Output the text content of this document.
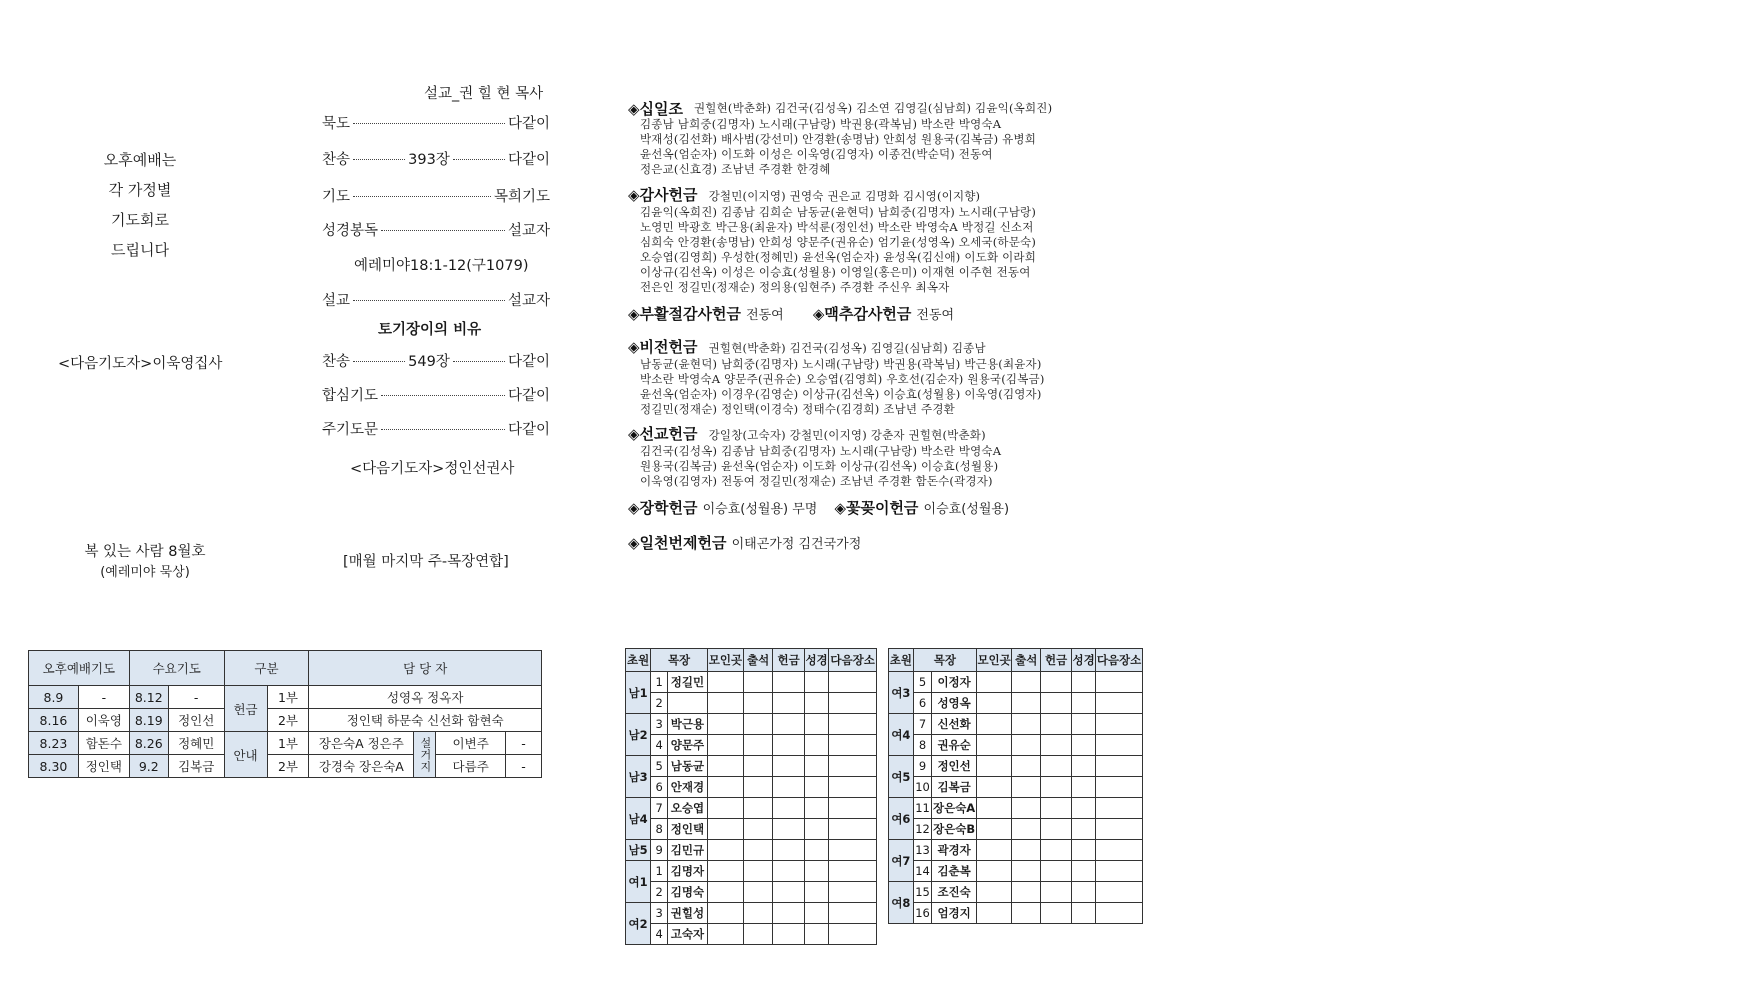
오후예배는
각 가정별
기도회로
드립니다
<다음기도자>이욱영집사
설교_권 힐 현 목사
묵도	다같이
찬송	393장	다같이
기도	목희기도
성경봉독	설교자
예레미야18:1-12(구1079)
설교	설교자
토기장이의 비유
찬송	549장	다같이
합심기도	다같이
주기도문	다같이
<다음기도자>정인선권사
복 있는 사람 8월호
(예레미야 묵상)
[매월 마지막 주-목장연합]
◈십일조 권힐현(박춘화) 김건국(김성옥) 김소연 김영길(심남희) 김윤익(옥희진)
김종남 남희중(김명자) 노시래(구남랑) 박권용(곽복님) 박소란 박영숙A
박재성(김선화) 배사범(강선미) 안경환(송명남) 안희성 원용국(김복금) 유병희
윤선옥(엄순자) 이도화 이성은 이욱영(김영자) 이종건(박순덕) 전동여
정은교(신효경) 조남년 주경환 한경혜
◈감사헌금 강철민(이지영) 권영숙 권은교 김명화 김시영(이지향)
김윤익(옥희진) 김종남 김희순 남동균(윤현덕) 남희중(김명자) 노시래(구남랑)
노영민 박광호 박근용(최윤자) 박석룬(정인선) 박소란 박영숙A 박정길 신소저
심희숙 안경환(송명남) 안희성 양문주(권유순) 엄기윤(성영옥) 오세국(하문숙)
오승엽(김영희) 우성한(정혜민) 윤선옥(엄순자) 윤성옥(김신애) 이도화 이라희
이상규(김선옥) 이성은 이승효(성월용) 이영일(홍은미) 이재현 이주현 전동여
전은인 정길민(정재순) 정의용(임현주) 주경환 주신우 최옥자
◈부활절감사헌금 전동여 ◈맥추감사헌금 전동여
◈비전헌금 권힐현(박춘화) 김건국(김성옥) 김영길(심남희) 김종남
남동균(윤현덕) 남희중(김명자) 노시래(구남랑) 박권용(곽복님) 박근용(최윤자)
박소란 박영숙A 양문주(권유순) 오승엽(김영희) 우호선(김순자) 원용국(김복금)
윤선옥(엄순자) 이경우(김영순) 이상규(김선옥) 이승효(성월용) 이욱영(김영자)
정길민(정재순) 정인택(이경숙) 정태수(김경희) 조남년 주경환
◈선교헌금 강일창(고숙자) 강철민(이지영) 강춘자 권힐현(박춘화)
김건국(김성옥) 김종남 남희중(김명자) 노시래(구남랑) 박소란 박영숙A
원용국(김복금) 윤선옥(엄순자) 이도화 이상규(김선옥) 이승효(성월용)
이욱영(김영자) 전동여 정길민(정재순) 조남년 주경환 함돈수(곽경자)
◈장학헌금 이승효(성월용) 무명 ◈꽃꽂이헌금 이승효(성월용)
◈일천번제헌금 이태곤가정 김건국가정
오후예배기도		수요기도		구분		담 당 자			
8.9	-	8.12	-	헌금	1부	성영옥 정옥자			
8.16	이욱영	8.19	정인선		2부	정인택 하문숙 신선화 함현숙			
8.23	함돈수	8.26	정혜민	안내	1부	장은숙A 정은주	설거지	이변주	-
8.30	정인택	9.2	김복금		2부	강경숙 장은숙A		다름주	-
초원	목장		모인곳	출석	헌금	성경	다음장소
남1	1	정길민					
	2						
남2	3	박근용					
	4	양문주					
남3	5	남동균					
	6	안재경					
남4	7	오승엽					
	8	정인택					
남5	9	김민규					
여1	1	김명자					
	2	김명숙					
여2	3	권힐성					
	4	고숙자					
초원	목장		모인곳	출석	헌금	성경	다음장소
여3	5	이정자					
	6	성영옥					
여4	7	신선화					
	8	권유순					
여5	9	정인선					
	10	김복금					
여6	11	장은숙A					
	12	장은숙B					
여7	13	곽경자					
	14	김춘복					
여8	15	조진숙					
	16	엄경지					
